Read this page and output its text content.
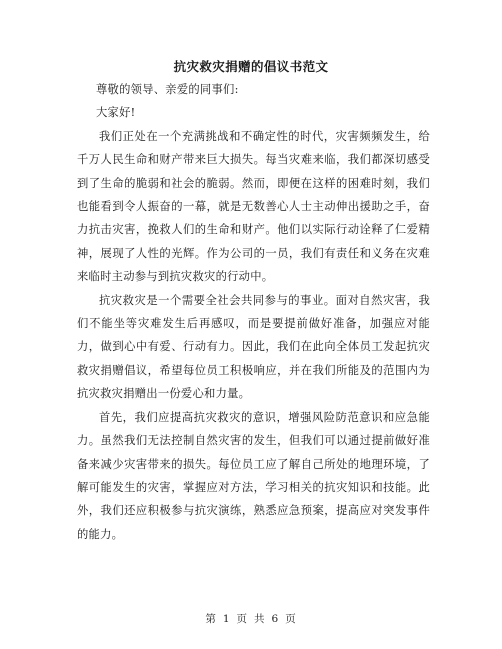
抗灾救灾捐赠的倡议书范文

尊敬的领导、亲爱的同事们:

大家好!

我们正处在一个充满挑战和不确定性的时代，灾害频频发生，给千万人民生命和财产带来巨大损失。每当灾难来临，我们都深切感受到了生命的脆弱和社会的脆弱。然而，即便在这样的困难时刻，我们也能看到令人振奋的一幕，就是无数善心人士主动伸出援助之手，奋力抗击灾害，挽救人们的生命和财产。他们以实际行动诠释了仁爱精神，展现了人性的光辉。作为公司的一员，我们有责任和义务在灾难来临时主动参与到抗灾救灾的行动中。

抗灾救灾是一个需要全社会共同参与的事业。面对自然灾害，我们不能坐等灾难发生后再感叹，而是要提前做好准备，加强应对能力，做到心中有爱、行动有力。因此，我们在此向全体员工发起抗灾救灾捐赠倡议，希望每位员工积极响应，并在我们所能及的范围内为抗灾救灾捐赠出一份爱心和力量。

首先，我们应提高抗灾救灾的意识，增强风险防范意识和应急能力。虽然我们无法控制自然灾害的发生，但我们可以通过提前做好准备来减少灾害带来的损失。每位员工应了解自己所处的地理环境，了解可能发生的灾害，掌握应对方法，学习相关的抗灾知识和技能。此外，我们还应积极参与抗灾演练，熟悉应急预案，提高应对突发事件的能力。

第 1 页 共 6 页
